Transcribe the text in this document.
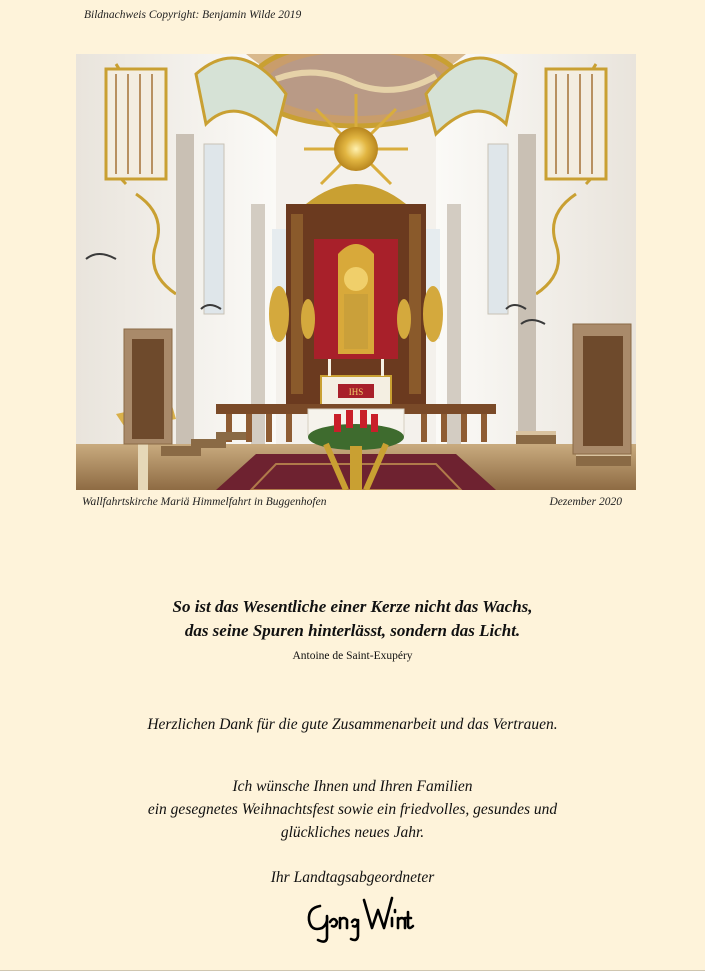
Bildnachweis Copyright: Benjamin Wilde 2019
IHS
Wallfahrtskirche Mariä Himmelfahrt in Buggenhofen	Dezember 2020
So ist das Wesentliche einer Kerze nicht das Wachs,
das seine Spuren hinterlässt, sondern das Licht.
Antoine de Saint-Exupéry
Herzlichen Dank für die gute Zusammenarbeit und das Vertrauen.
Ich wünsche Ihnen und Ihren Familien
ein gesegnetes Weihnachtsfest sowie ein friedvolles, gesundes und
glückliches neues Jahr.
Ihr Landtagsabgeordneter
